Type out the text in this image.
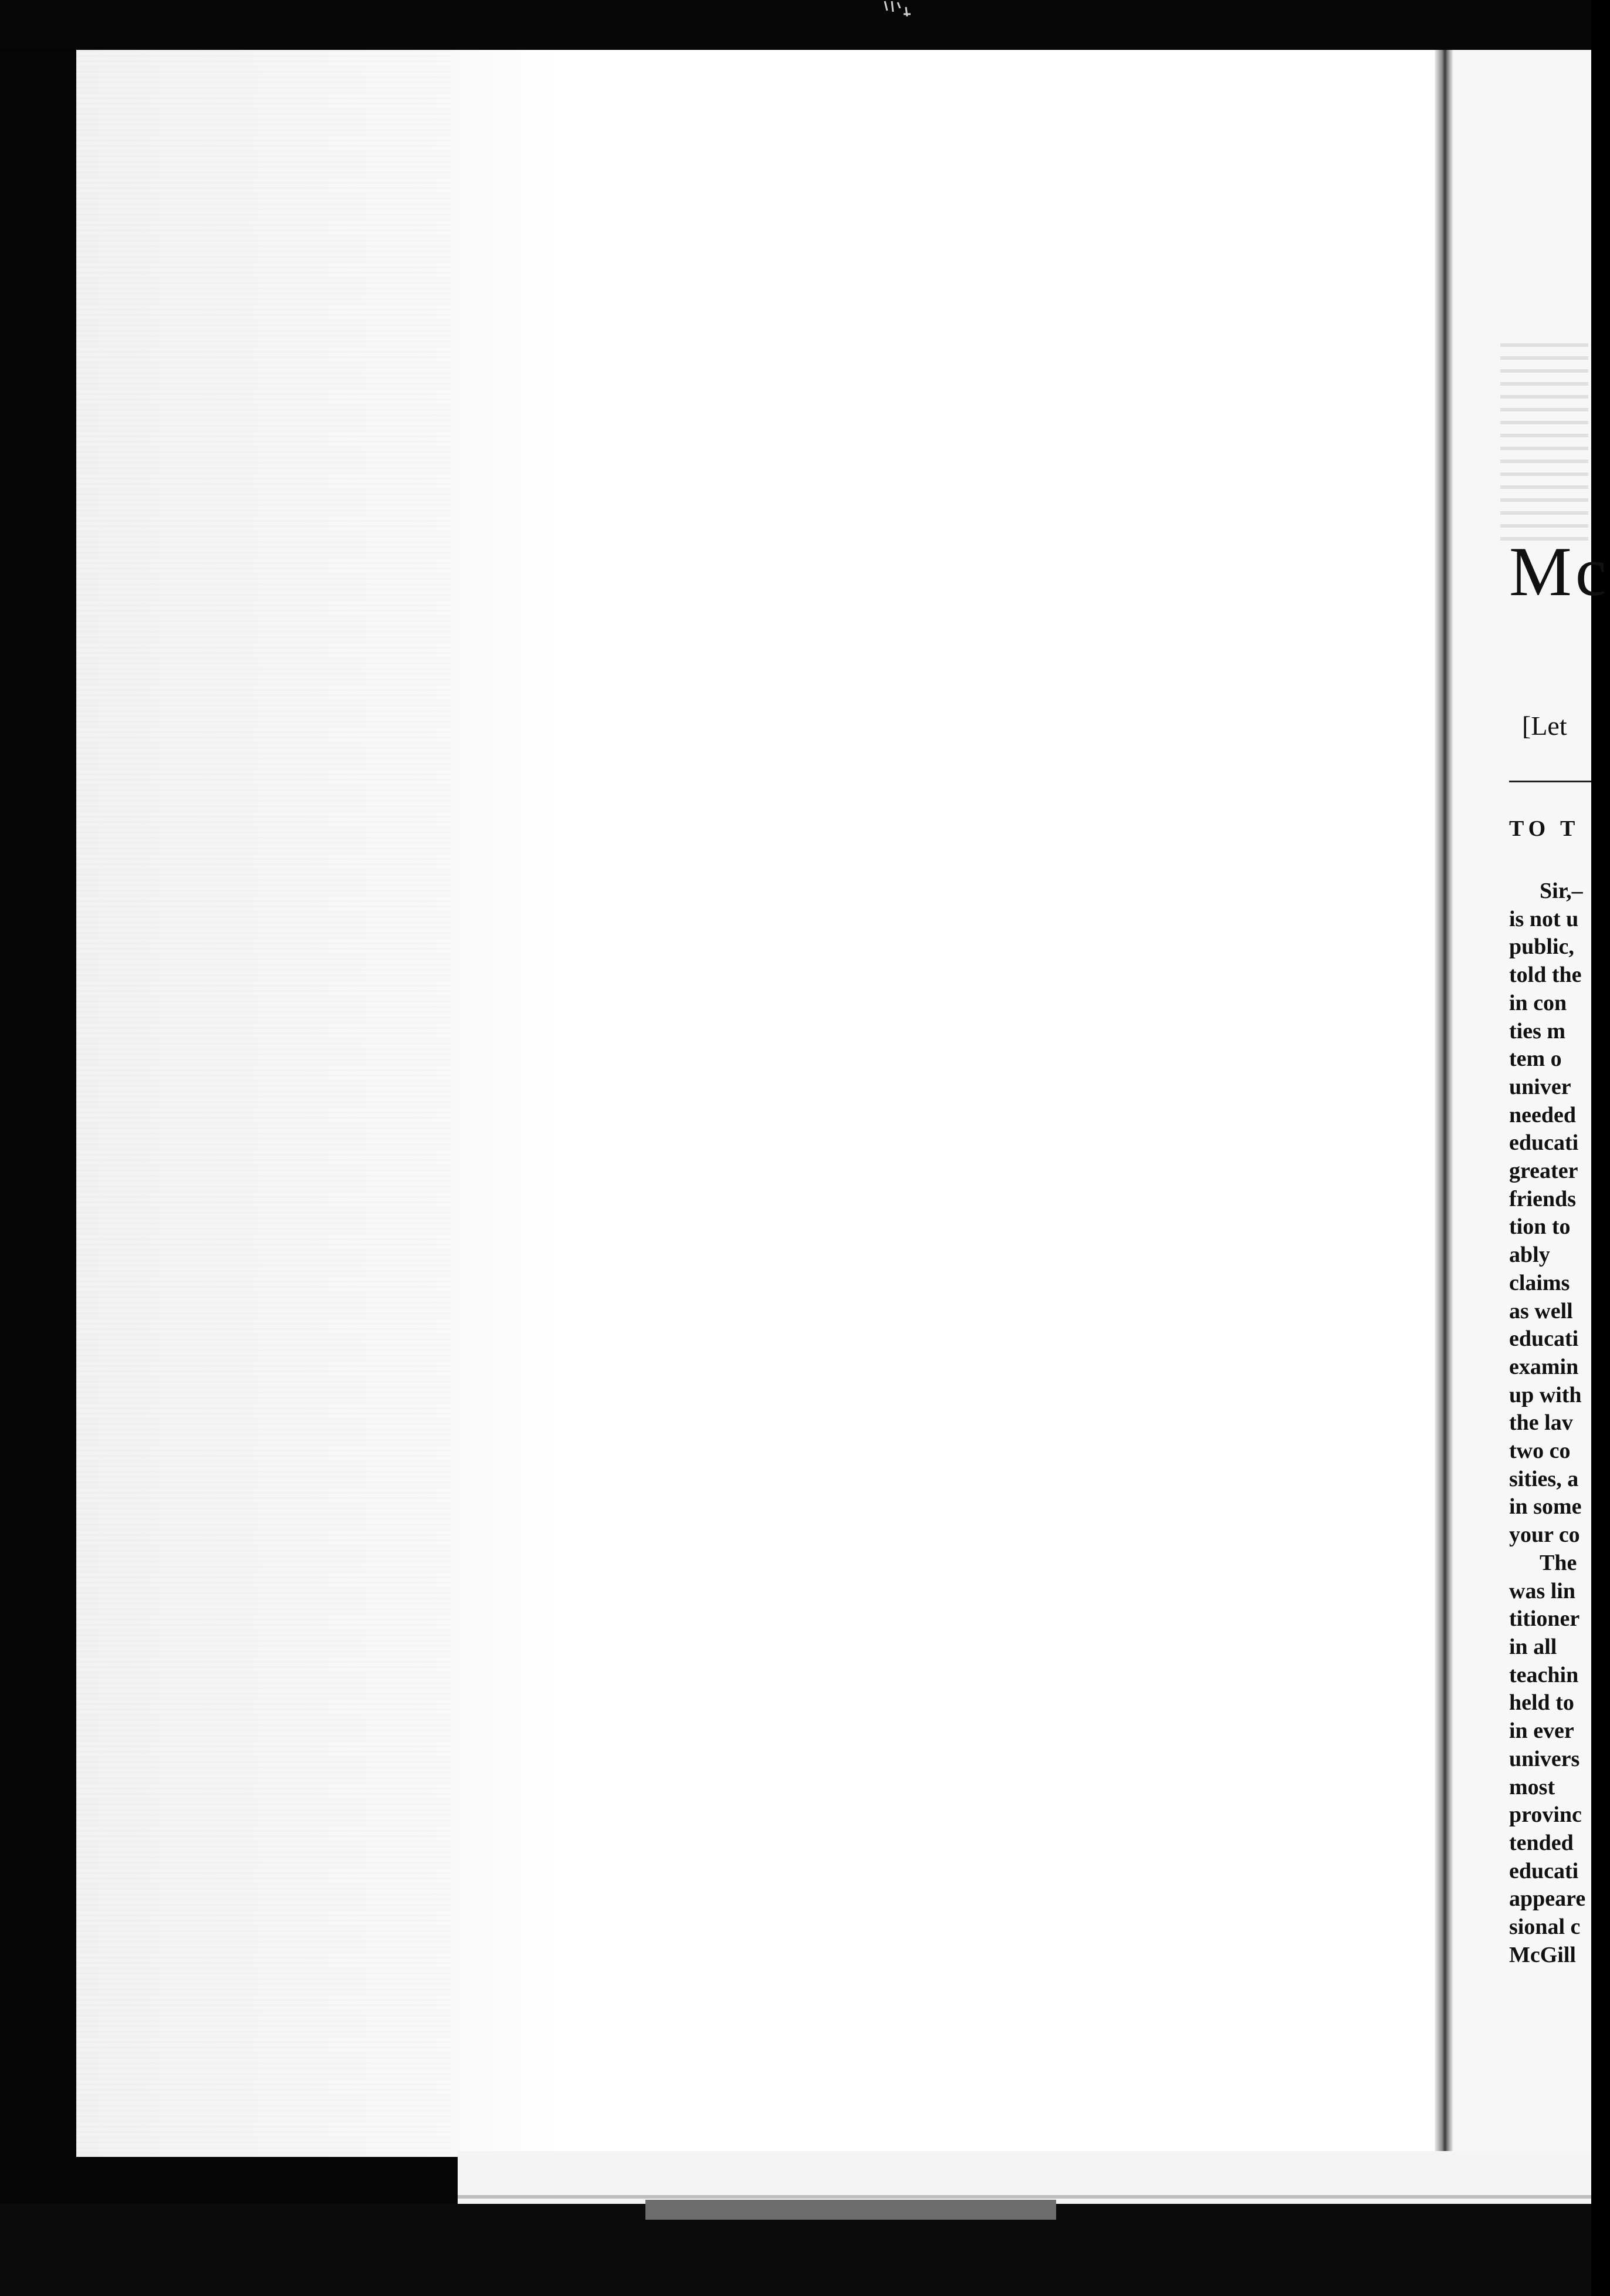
Mc
[Let
TO T
Sir,–
is not u
public,
told the
in con
ties m
tem o
univer
needed
educati
greater
friends
tion to
ably
claims
as well
educati
examin
up with
the lav
two co
sities, a
in some
your co
The
was lin
titioner
in all
teachin
held to
in ever
univers
most
provinc
tended
educati
appeare
sional c
McGill
